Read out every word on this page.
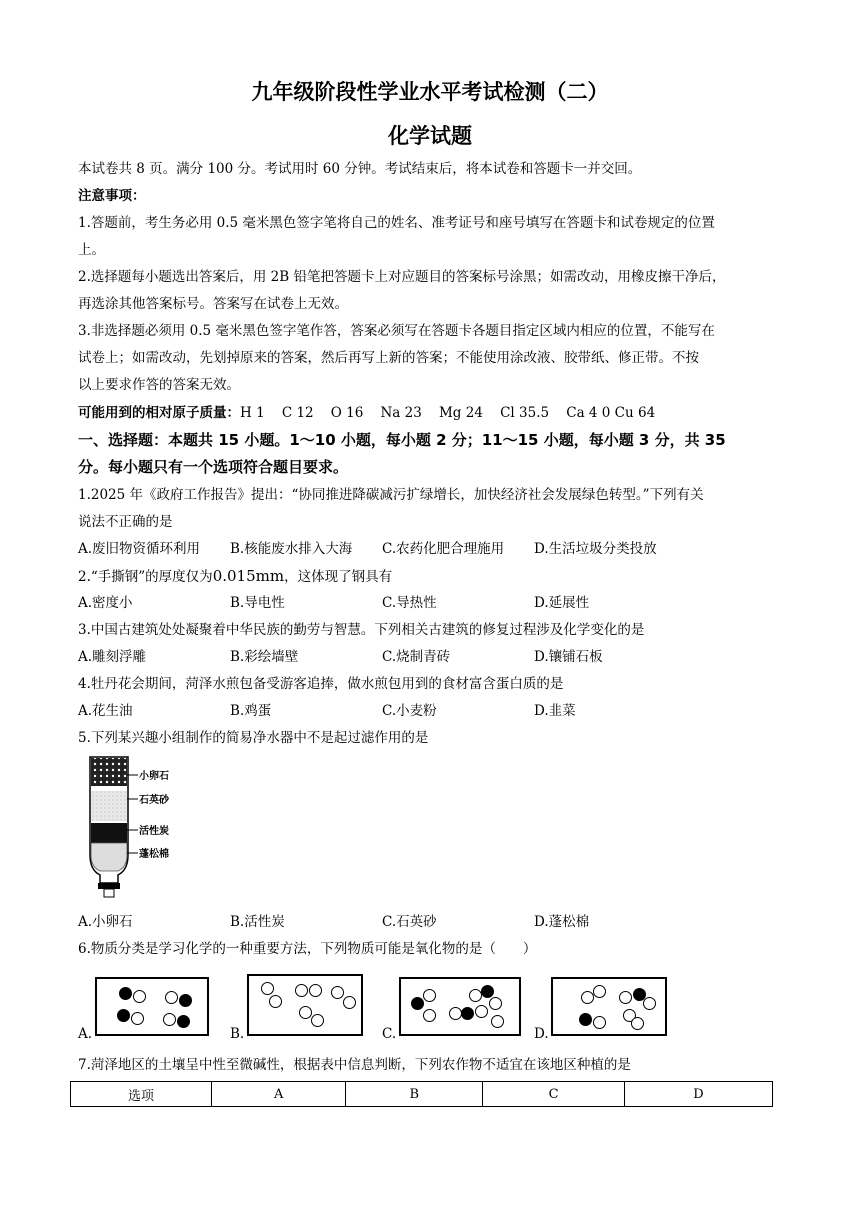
九年级阶段性学业水平考试检测（二）
化学试题
本试卷共 8 页。满分 100 分。考试用时 60 分钟。考试结束后，将本试卷和答题卡一并交回。
注意事项：
1.答题前，考生务必用 0.5 毫米黑色签字笔将自己的姓名、准考证号和座号填写在答题卡和试卷规定的位置
上。
2.选择题每小题选出答案后，用 2B 铅笔把答题卡上对应题目的答案标号涂黑；如需改动，用橡皮擦干净后，
再选涂其他答案标号。答案写在试卷上无效。
3.非选择题必须用 0.5 毫米黑色签字笔作答，答案必须写在答题卡各题目指定区域内相应的位置，不能写在
试卷上；如需改动，先划掉原来的答案，然后再写上新的答案；不能使用涂改液、胶带纸、修正带。不按
以上要求作答的答案无效。
可能用到的相对原子质量：H 1    C 12    O 16    Na 23    Mg 24    Cl 35.5    Ca 4 0 Cu 64
一、选择题：本题共 15 小题。1～10 小题，每小题 2 分；11～15 小题，每小题 3 分，共 35
分。每小题只有一个选项符合题目要求。
1.2025 年《政府工作报告》提出：“协同推进降碳减污扩绿增长，加快经济社会发展绿色转型。”下列有关
说法不正确的是
A.废旧物资循环利用 B.核能废水排入大海 C.农药化肥合理施用 D.生活垃圾分类投放
2.“手撕钢”的厚度仅为0.015mm，这体现了钢具有
A.密度小	B.导电性	C.导热性	D.延展性
3.中国古建筑处处凝聚着中华民族的勤劳与智慧。下列相关古建筑的修复过程涉及化学变化的是
A.雕刻浮雕	B.彩绘墙壁	C.烧制青砖	D.镶铺石板
4.牡丹花会期间，菏泽水煎包备受游客追捧，做水煎包用到的食材富含蛋白质的是
A.花生油	B.鸡蛋	C.小麦粉	D.韭菜
5.下列某兴趣小组制作的简易净水器中不是起过滤作用的是
小卵石
石英砂
活性炭
蓬松棉
A.小卵石	B.活性炭	C.石英砂	D.蓬松棉
6.物质分类是学习化学的一种重要方法，下列物质可能是氧化物的是（　　）
A.	B.	C.	D.
7.菏泽地区的土壤呈中性至微碱性，根据表中信息判断，下列农作物不适宜在该地区种植的是
选项	A	B	C	D
